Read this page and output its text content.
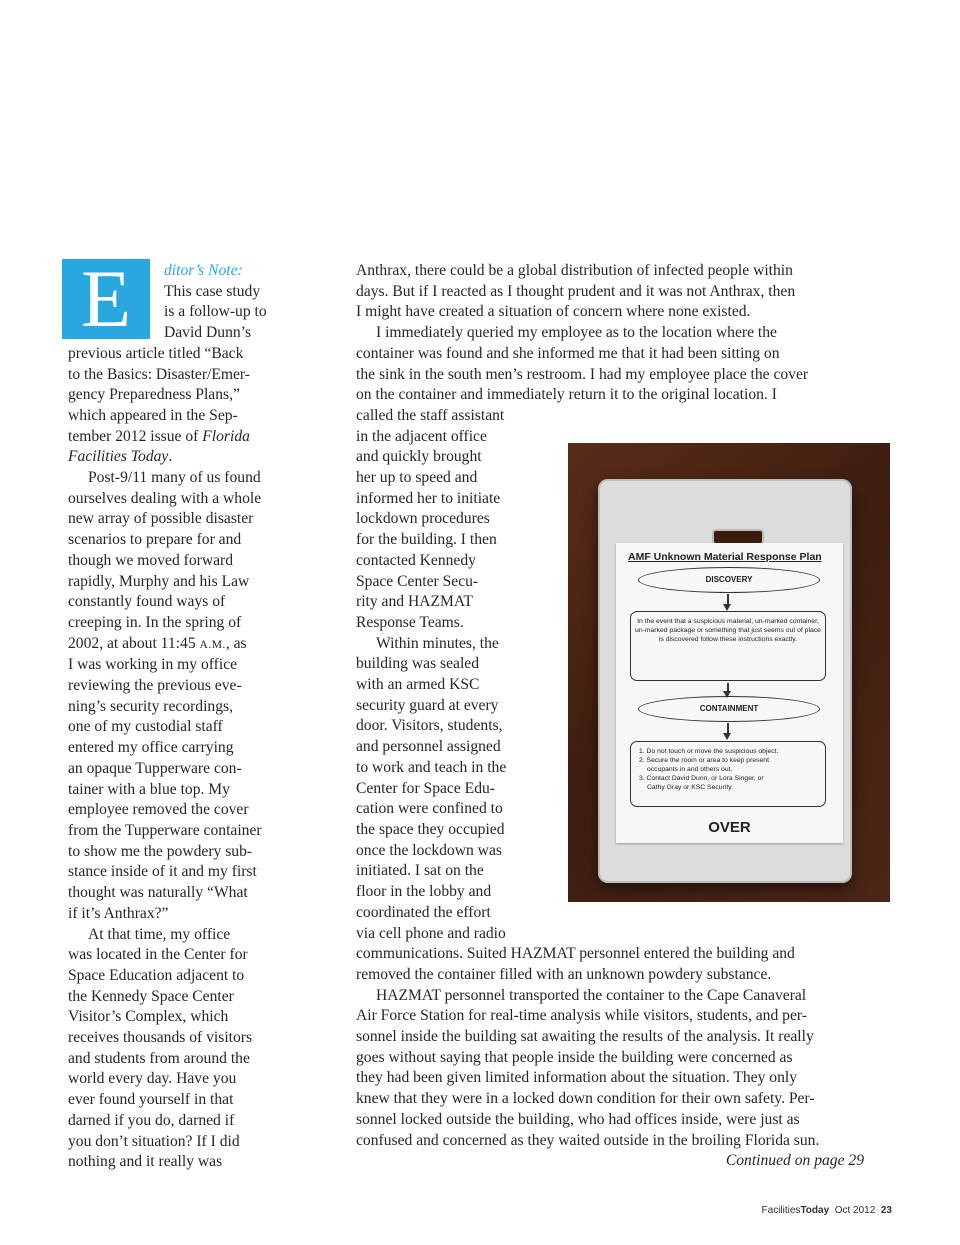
E	ditor’s Note:

This case study

is a follow-up to

David Dunn’s

previous article titled “Back

to the Basics: Disaster/Emer-

gency Preparedness Plans,”

which appeared in the Sep-

tember 2012 issue of Florida

Facilities Today.

Post-9/11 many of us found

ourselves dealing with a whole

new array of possible disaster

scenarios to prepare for and

though we moved forward

rapidly, Murphy and his Law

constantly found ways of

creeping in. In the spring of

2002, at about 11:45 A.M., as

I was working in my office

reviewing the previous eve-

ning’s security recordings,

one of my custodial staff

entered my office carrying

an opaque Tupperware con-

tainer with a blue top. My

employee removed the cover

from the Tupperware container

to show me the powdery sub-

stance inside of it and my first

thought was naturally “What

if it’s Anthrax?”

At that time, my office

was located in the Center for

Space Education adjacent to

the Kennedy Space Center

Visitor’s Complex, which

receives thousands of visitors

and students from around the

world every day. Have you

ever found yourself in that

darned if you do, darned if

you don’t situation? If I did

nothing and it really was

Anthrax, there could be a global distribution of infected people within

days. But if I reacted as I thought prudent and it was not Anthrax, then

I might have created a situation of concern where none existed.

I immediately queried my employee as to the location where the

container was found and she informed me that it had been sitting on

the sink in the south men’s restroom. I had my employee place the cover

on the container and immediately return it to the original location. I

called the staff assistant

in the adjacent office

and quickly brought

her up to speed and

informed her to initiate

lockdown procedures

for the building. I then

contacted Kennedy

Space Center Secu-

rity and HAZMAT

Response Teams.

Within minutes, the

building was sealed

with an armed KSC

security guard at every

door. Visitors, students,

and personnel assigned

to work and teach in the

Center for Space Edu-

cation were confined to

the space they occupied

once the lockdown was

initiated. I sat on the

floor in the lobby and

coordinated the effort

via cell phone and radio

communications. Suited HAZMAT personnel entered the building and

removed the container filled with an unknown powdery substance.

HAZMAT personnel transported the container to the Cape Canaveral

Air Force Station for real-time analysis while visitors, students, and per-

sonnel inside the building sat awaiting the results of the analysis. It really

goes without saying that people inside the building were concerned as

they had been given limited information about the situation. They only

knew that they were in a locked down condition for their own safety. Per-

sonnel locked outside the building, who had offices inside, were just as

confused and concerned as they waited outside in the broiling Florida sun.

Continued on page 29

AMF Unknown Material Response Plan
DISCOVERY
In the event that a suspicious material, un-marked container, un-marked package or something that just seems out of place is discovered follow these instructions exactly.
CONTAINMENT
1. Do not touch or move the suspicious object.
2. Secure the room or area to keep present
occupants in and others out.
3. Contact David Dunn, or Lora Singer, or
Cathy Gray or KSC Security.
OVER
FacilitiesToday Oct 2012 23
